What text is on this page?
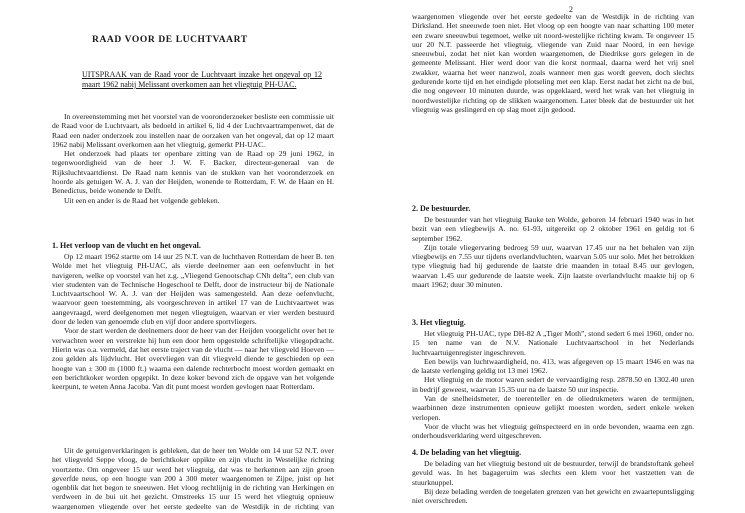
2
RAAD VOOR DE LUCHTVAART
UITSPRAAK van de Raad voor de Luchtvaart inzake het ongeval op 12 maart 1962 nabij Melissant overkomen aan het vliegtuig PH-UAC.

In overeenstemming met het voorstel van de vooronderzoeker besliste een commissie uit de Raad voor de Luchtvaart, als bedoeld in artikel 6, lid 4 der Luchtvaartrampenwet, dat de Raad een nader onderzoek zou instellen naar de oorzaken van het ongeval, dat op 12 maart 1962 nabij Melissant overkomen aan het vliegtuig, gemerkt PH-UAC.

Het onderzoek had plaats ter openbare zitting van de Raad op 29 juni 1962, in tegenwoordigheid van de heer J. W. F. Backer, directeur-generaal van de Rijksluchtvaartdienst. De Raad nam kennis van de stukken van het vooronderzoek en hoorde als getuigen W. A. J. van der Heijden, wonende te Rotterdam, F. W. de Haan en H. Benedictus, beide wonende te Delft.

Uit een en ander is de Raad het volgende gebleken.

1. Het verloop van de vlucht en het ongeval.

Op 12 maart 1962 startte om 14 uur 25 N.T. van de luchthaven Rotterdam de heer B. ten Wolde met het vliegtuig PH-UAC, als vierde deelnemer aan een oefenvlucht in het navigeren, welke op voorstel van het z.g. „Vliegend Genootschap CNh delta”, een club van vier studenten van de Technische Hogeschool te Delft, door de instructeur bij de Nationale Luchtvaartschool W. A. J. van der Heijden was samengesteld. Aan deze oefenvlucht, waarvoor geen toestemming, als voorgeschreven in artikel 17 van de Luchtvaartwet was aangevraagd, werd deelgenomen met negen vliegtuigen, waarvan er vier werden bestuurd door de leden van genoemde club en vijf door andere sportvliegers.

Voor de start werden de deelnemers door de heer van der Heijden voorgelicht over het te verwachten weer en verstrekte hij hun een door hem opgestelde schriftelijke vliegopdracht. Hierin was o.a. vermeld, dat het eerste traject van de vlucht — naar het vliegveld Hoeven — zou gelden als lijdvlucht. Het overvliegen van dit vliegveld diende te geschieden op een hoogte van ± 300 m (1000 ft.) waarna een dalende rechterbocht moest worden gemaakt en een berichtkoker worden opgepikt. In deze koker bevond zich de opgave van het volgende keerpunt, te weten Anna Jacoba. Van dit punt moest worden gevlogen naar Rotterdam.

Uit de getuigenverklaringen is gebleken, dat de heer ten Wolde om 14 uur 52 N.T. over het vliegveld Seppe vloog, de berichtkoker oppikte en zijn vlucht in Westelijke richting voortzette. Om ongeveer 15 uur werd het vliegtuig, dat was te herkennen aan zijn groen geverfde neus, op een hoogte van 200 à 300 meter waargenomen te Zijpe, juist op het ogenblik dat het begon te sneeuwen. Het vloog rechtlijnig in de richting van Herkingen en verdween in de bui uit het gezicht. Omstreeks 15 uur 15 werd het vliegtuig opnieuw waargenomen vliegende over het eerste gedeelte van de Westdijk in de richting van

waargenomen vliegende over het eerste gedeelte van de Westdijk in de richting van Dirksland. Het sneeuwde toen niet. Het vloog op een hoogte van naar schatting 100 meter een zware sneeuwbui tegemoet, welke uit noord-westelijke richting kwam. Te ongeveer 15 uur 20 N.T. passeerde het vliegtuig, vliegende van Zuid naar Noord, in een hevige sneeuwbui, zodat het niet kan worden waargenomen, de Diedrikse gors gelegen in de gemeente Melissant. Hier werd door van die korst normaal, daarna werd het vrij snel zwakker, waarna het weer nanzwol, zoals wanneer men gas wordt geeven, doch slechts gedurende korte tijd en het eindigde plotseling met een klap. Eerst nadat het zicht na de bui, die nog ongeveer 10 minuten duurde, was opgeklaard, werd het wrak van het vliegtuig in noordwestelijke richting op de slikken waargenomen. Later bleek dat de bestuurder uit het vliegtuig was geslingerd en op slag moet zijn gedood.

2. De bestuurder.

De bestuurder van het vliegtuig Bauke ten Wolde, geboren 14 februari 1940 was in het bezit van een vliegbewijs A. no. 61-93, uitgereikt op 2 oktober 1961 en geldig tot 6 september 1962.

Zijn totale vliegervaring bedroeg 59 uur, waarvan 17.45 uur na het behalen van zijn vliegbewijs en 7.55 uur tijdens overlandvluchten, waarvan 5.05 uur solo. Met het betrokken type vliegtuig had hij gedurende de laatste drie maanden in totaal 8.45 uur gevlogen, waarvan 1.45 uur gedurende de laatste week. Zijn laatste overlandvlucht maakte hij op 6 maart 1962; duur 30 minuten.

3. Het vliegtuig.

Het vliegtuig PH-UAC, type DH-82 A „Tiger Moth”, stond sedert 6 mei 1960, onder no. 15 ten name van de N.V. Nationale Luchtvaartschool in het Nederlands luchtvaartuigenregister ingeschreven.

Een bewijs van luchtwaardigheid, no. 413, was afgegeven op 15 maart 1946 en was na de laatste verlenging geldig tot 13 mei 1962.

Het vliegtuig en de motor waren sedert de vervaardiging resp. 2878.50 en 1302.40 uren in bedrijf geweest, waarvan 15.35 uur na de laatste 50 uur inspectie.

Van de snelheidsmeter, de toerenteller en de oliedrukmeters waren de termijnen, waarbinnen deze instrumenten opnieuw gelijkt moesten worden, sedert enkele weken verlopen.

Voor de vlucht was het vliegtuig geïnspecteerd en in orde bevonden, waarna een zgn. onderhoudsverklaring werd uitgeschreven.

4. De belading van het vliegtuig.

De belading van het vliegtuig bestond uit de bestuurder, terwijl de brandstoftank geheel gevuld was. In het bagageruim was slechts een klem voor het vastzetten van de stuurknuppel.

Bij deze belading werden de toegelaten grenzen van het gewicht en zwaartepuntsligging niet overschreden.
